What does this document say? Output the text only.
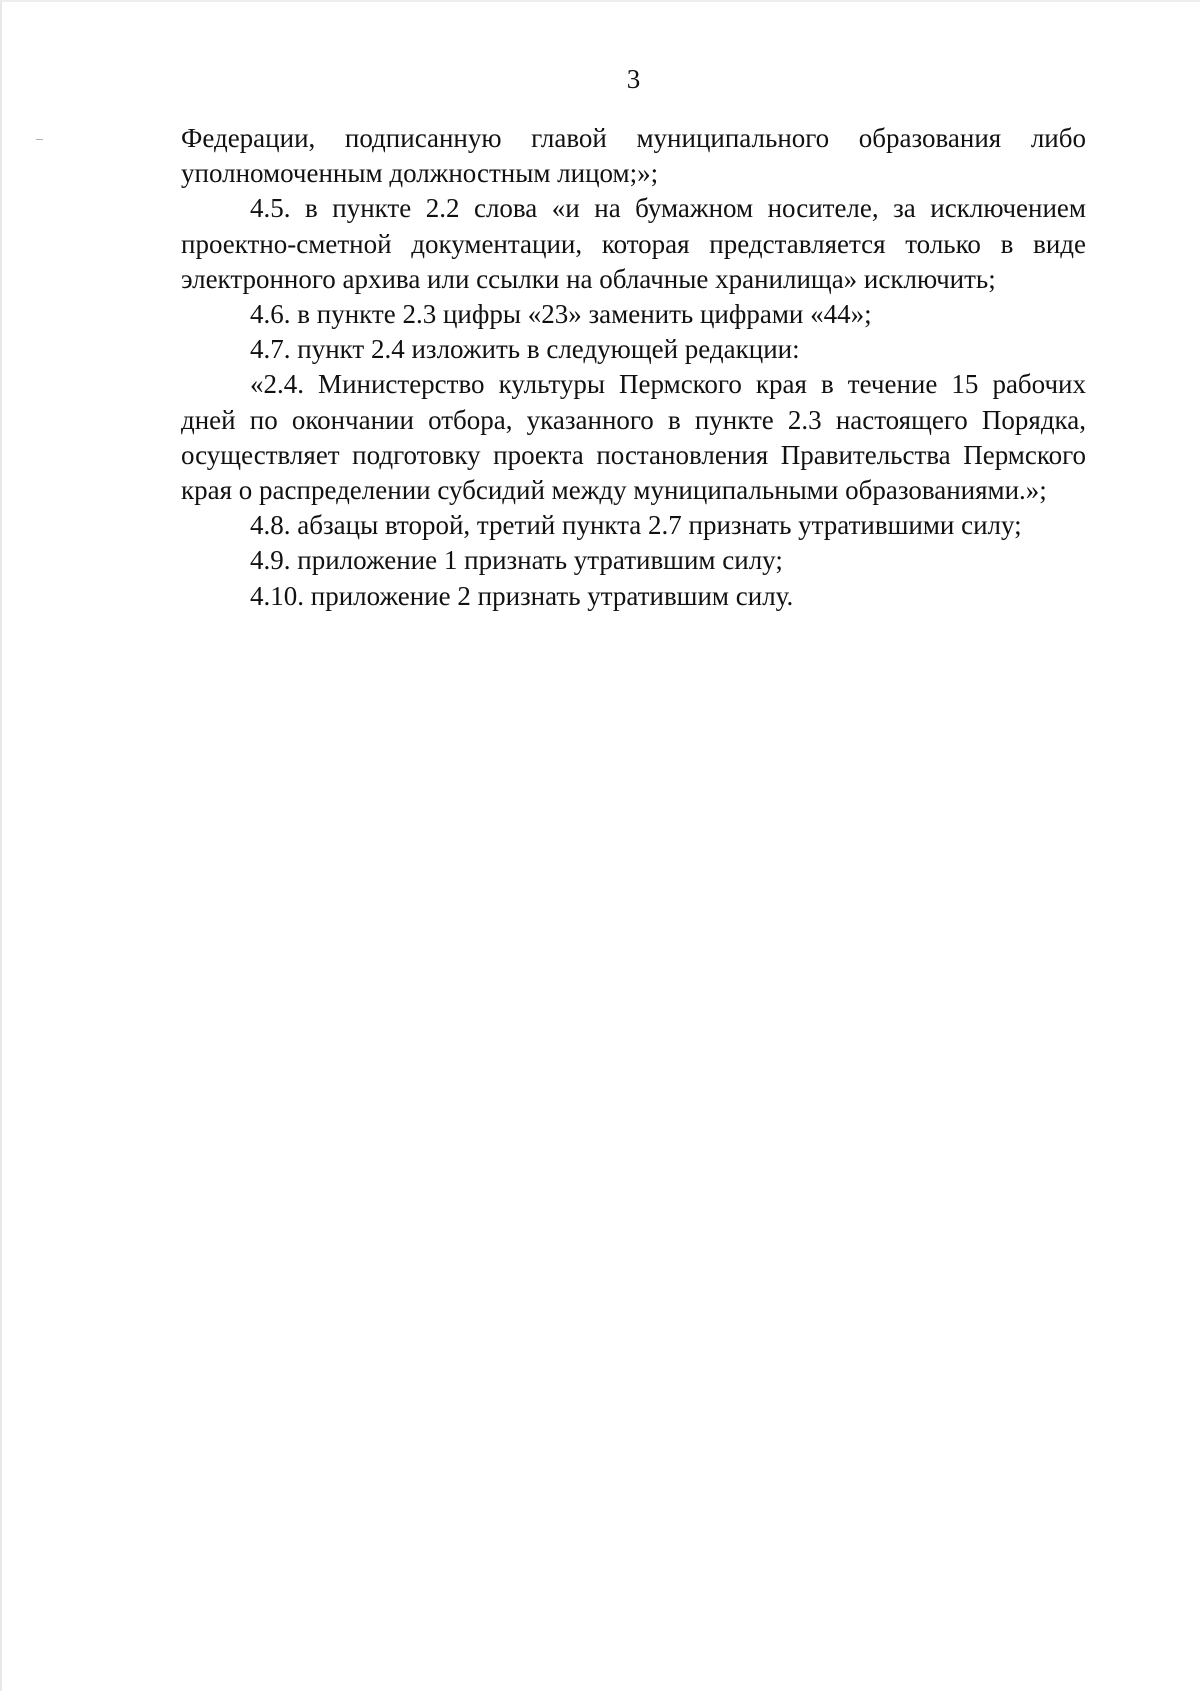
3

Федерации, подписанную главой муниципального образования либо уполномоченным должностным лицом;»;

4.5. в пункте 2.2 слова «и на бумажном носителе, за исключением проектно-сметной документации, которая представляется только в виде электронного архива или ссылки на облачные хранилища» исключить;

4.6. в пункте 2.3 цифры «23» заменить цифрами «44»;

4.7. пункт 2.4 изложить в следующей редакции:

«2.4. Министерство культуры Пермского края в течение 15 рабочих дней по окончании отбора, указанного в пункте 2.3 настоящего Порядка, осуществляет подготовку проекта постановления Правительства Пермского края о распределении субсидий между муниципальными образованиями.»;

4.8. абзацы второй, третий пункта 2.7 признать утратившими силу;

4.9. приложение 1 признать утратившим силу;

4.10. приложение 2 признать утратившим силу.
